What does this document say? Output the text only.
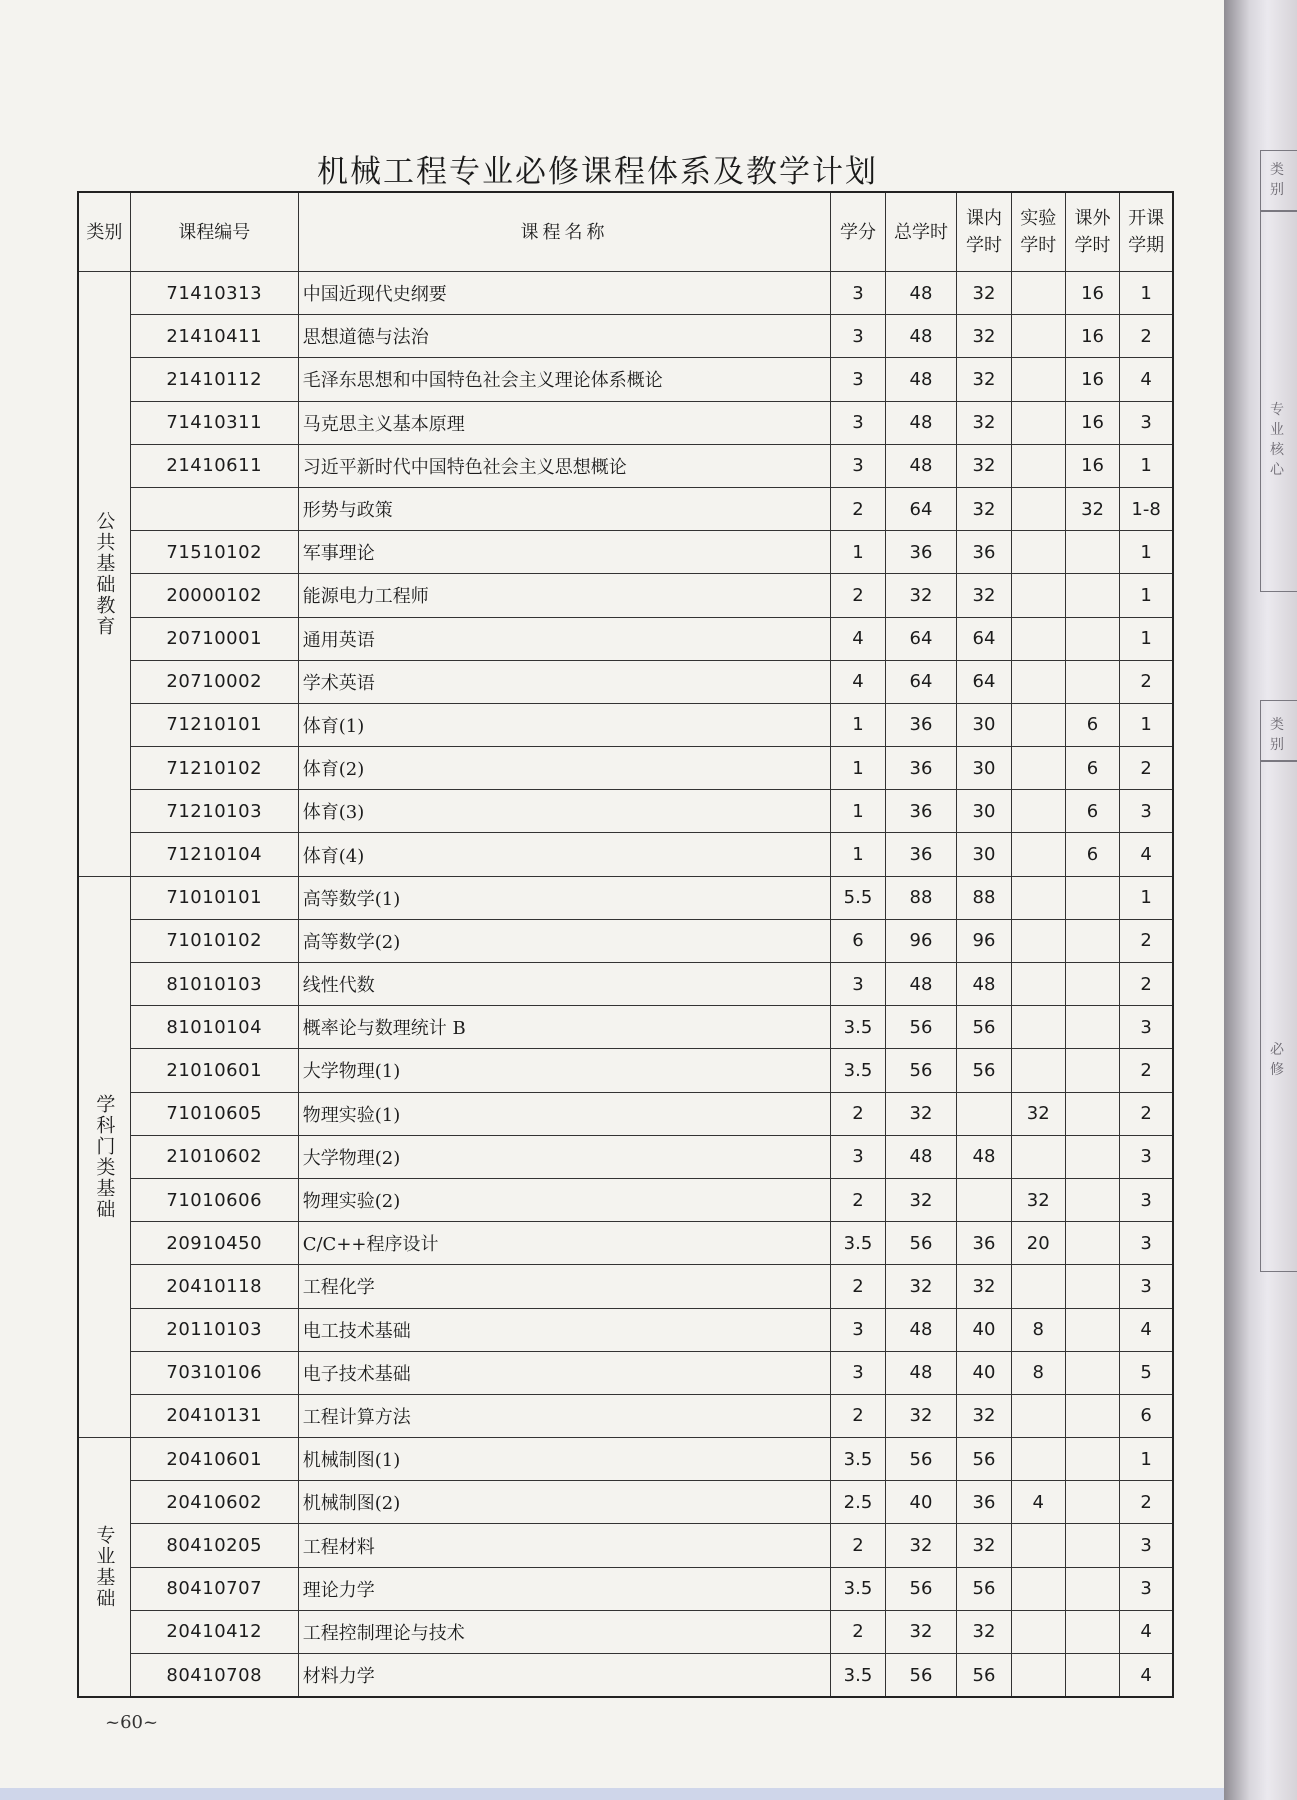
类别
专业核心
类别
必修
机械工程专业必修课程体系及教学计划
类别	课程编号	课程名称	学分	总学时	课内学时	实验学时	课外学时	开课学期
公共基础教育	71410313	中国近现代史纲要	3	48	32		16	1
	21410411	思想道德与法治	3	48	32		16	2
	21410112	毛泽东思想和中国特色社会主义理论体系概论	3	48	32		16	4
	71410311	马克思主义基本原理	3	48	32		16	3
	21410611	习近平新时代中国特色社会主义思想概论	3	48	32		16	1
		形势与政策	2	64	32		32	1-8
	71510102	军事理论	1	36	36			1
	20000102	能源电力工程师	2	32	32			1
	20710001	通用英语	4	64	64			1
	20710002	学术英语	4	64	64			2
	71210101	体育(1)	1	36	30		6	1
	71210102	体育(2)	1	36	30		6	2
	71210103	体育(3)	1	36	30		6	3
	71210104	体育(4)	1	36	30		6	4
学科门类基础	71010101	高等数学(1)	5.5	88	88			1
	71010102	高等数学(2)	6	96	96			2
	81010103	线性代数	3	48	48			2
	81010104	概率论与数理统计 B	3.5	56	56			3
	21010601	大学物理(1)	3.5	56	56			2
	71010605	物理实验(1)	2	32		32		2
	21010602	大学物理(2)	3	48	48			3
	71010606	物理实验(2)	2	32		32		3
	20910450	C/C++程序设计	3.5	56	36	20		3
	20410118	工程化学	2	32	32			3
	20110103	电工技术基础	3	48	40	8		4
	70310106	电子技术基础	3	48	40	8		5
	20410131	工程计算方法	2	32	32			6
专业基础	20410601	机械制图(1)	3.5	56	56			1
	20410602	机械制图(2)	2.5	40	36	4		2
	80410205	工程材料	2	32	32			3
	80410707	理论力学	3.5	56	56			3
	20410412	工程控制理论与技术	2	32	32			4
	80410708	材料力学	3.5	56	56			4
~60~
